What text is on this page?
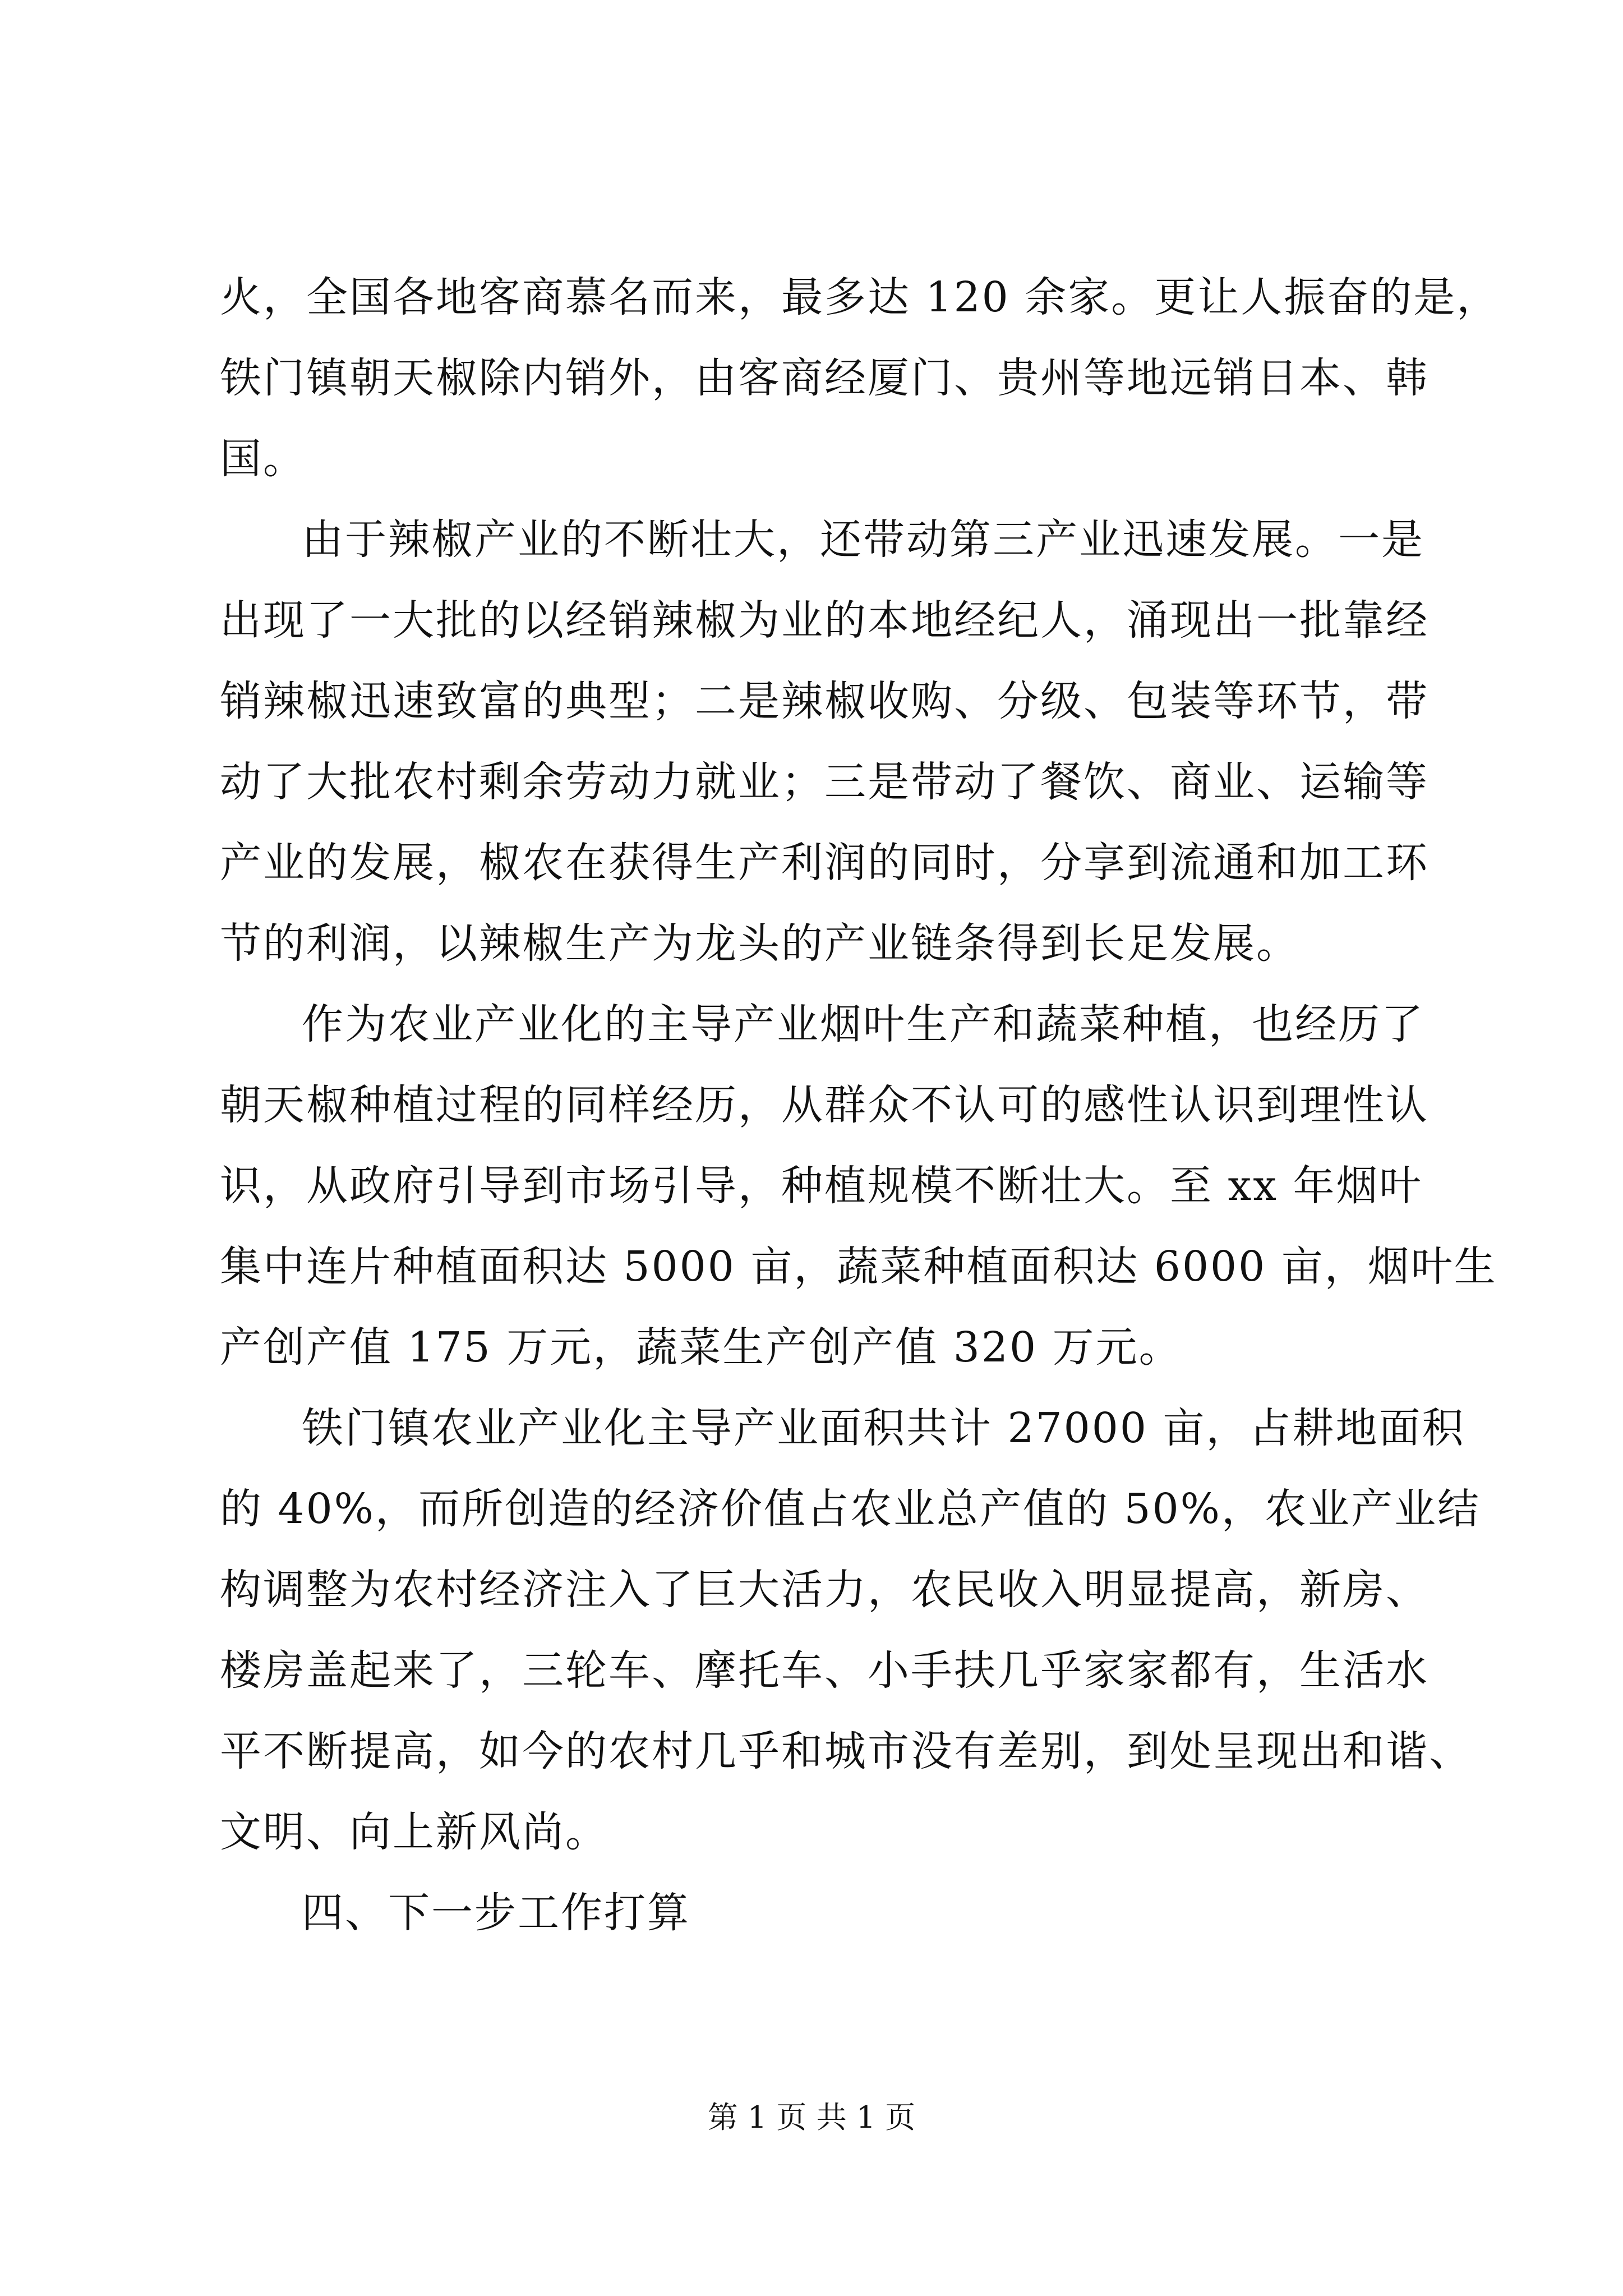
火，全国各地客商慕名而来，最多达 120 余家。更让人振奋的是，
铁门镇朝天椒除内销外，由客商经厦门、贵州等地远销日本、韩
国。
由于辣椒产业的不断壮大，还带动第三产业迅速发展。一是
出现了一大批的以经销辣椒为业的本地经纪人，涌现出一批靠经
销辣椒迅速致富的典型；二是辣椒收购、分级、包装等环节，带
动了大批农村剩余劳动力就业；三是带动了餐饮、商业、运输等
产业的发展，椒农在获得生产利润的同时，分享到流通和加工环
节的利润，以辣椒生产为龙头的产业链条得到长足发展。
作为农业产业化的主导产业烟叶生产和蔬菜种植，也经历了
朝天椒种植过程的同样经历，从群众不认可的感性认识到理性认
识，从政府引导到市场引导，种植规模不断壮大。至 xx 年烟叶
集中连片种植面积达 5000 亩，蔬菜种植面积达 6000 亩，烟叶生
产创产值 175 万元，蔬菜生产创产值 320 万元。
铁门镇农业产业化主导产业面积共计 27000 亩，占耕地面积
的 40%，而所创造的经济价值占农业总产值的 50%，农业产业结
构调整为农村经济注入了巨大活力，农民收入明显提高，新房、
楼房盖起来了，三轮车、摩托车、小手扶几乎家家都有，生活水
平不断提高，如今的农村几乎和城市没有差别，到处呈现出和谐、
文明、向上新风尚。
四、下一步工作打算
第 1 页 共 1 页
